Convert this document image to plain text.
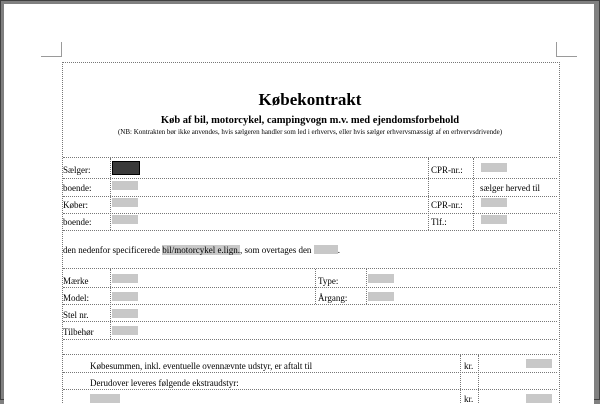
Købekontrakt
Køb af bil, motorcykel, campingvogn m.v. med ejendomsforbehold
(NB: Kontrakten bør ikke anvendes, hvis sælgeren handler som led i erhvervs, eller hvis sælger erhvervsmæssigt af en erhvervsdrivende)
Sælger:	CPR-nr.:
boende:	sælger herved til
Køber:	CPR-nr.:
boende:	Tlf.:
den nedenfor specificerede bil/motorcykel e.lign., som overtages den	.
Mærke	Type:
Model:	Årgang:
Stel nr.
Tilbehør
Købesummen, inkl. eventuelle ovennævnte udstyr, er aftalt til	kr.
Derudover leveres følgende ekstraudstyr:
kr.
